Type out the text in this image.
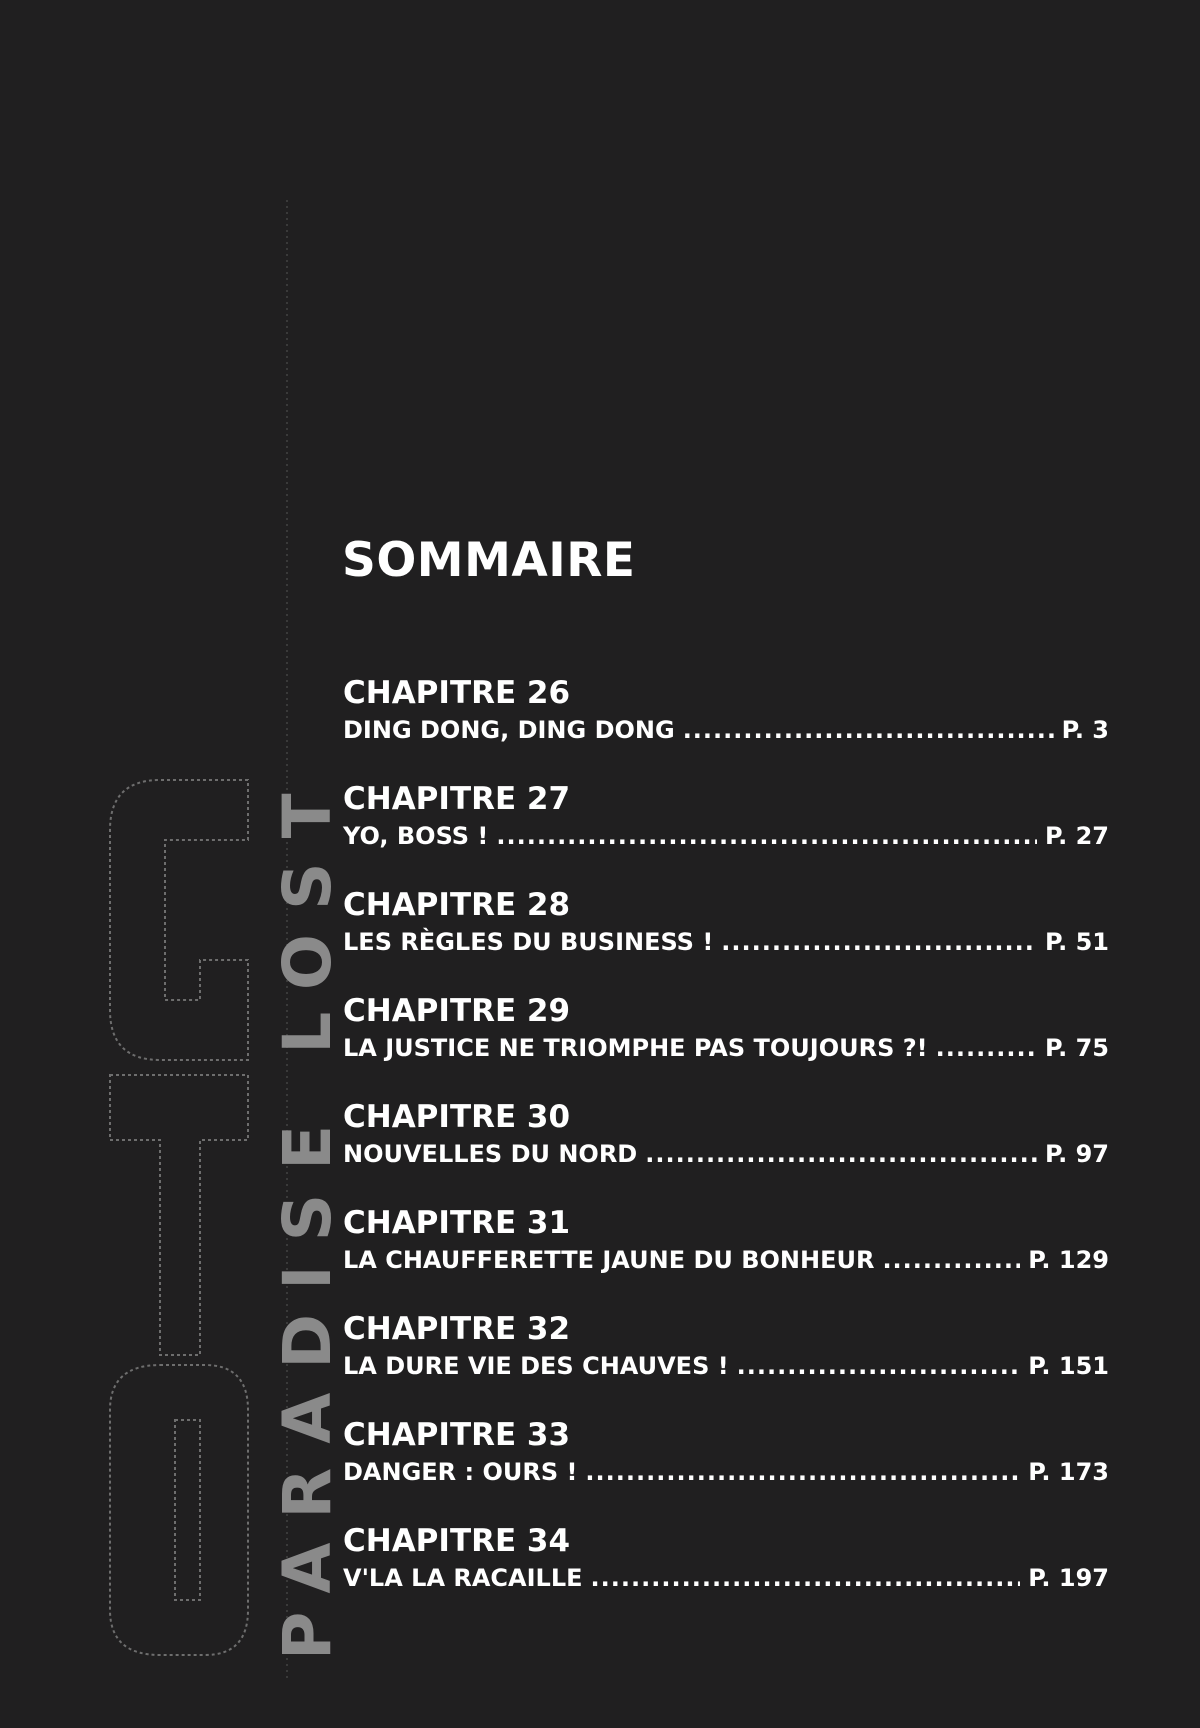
PARADISE LOST
SOMMAIRE
CHAPITRE 26
DING DONG, DING DONG .....	P. 3
CHAPITRE 27
YO, BOSS ! .....	P. 27
CHAPITRE 28
LES RÈGLES DU BUSINESS ! .....	P. 51
CHAPITRE 29
LA JUSTICE NE TRIOMPHE PAS TOUJOURS ?! .....	P. 75
CHAPITRE 30
NOUVELLES DU NORD .....	P. 97
CHAPITRE 31
LA CHAUFFERETTE JAUNE DU BONHEUR .....	P. 129
CHAPITRE 32
LA DURE VIE DES CHAUVES ! .....	P. 151
CHAPITRE 33
DANGER : OURS ! .....	P. 173
CHAPITRE 34
V'LA LA RACAILLE .....	P. 197
